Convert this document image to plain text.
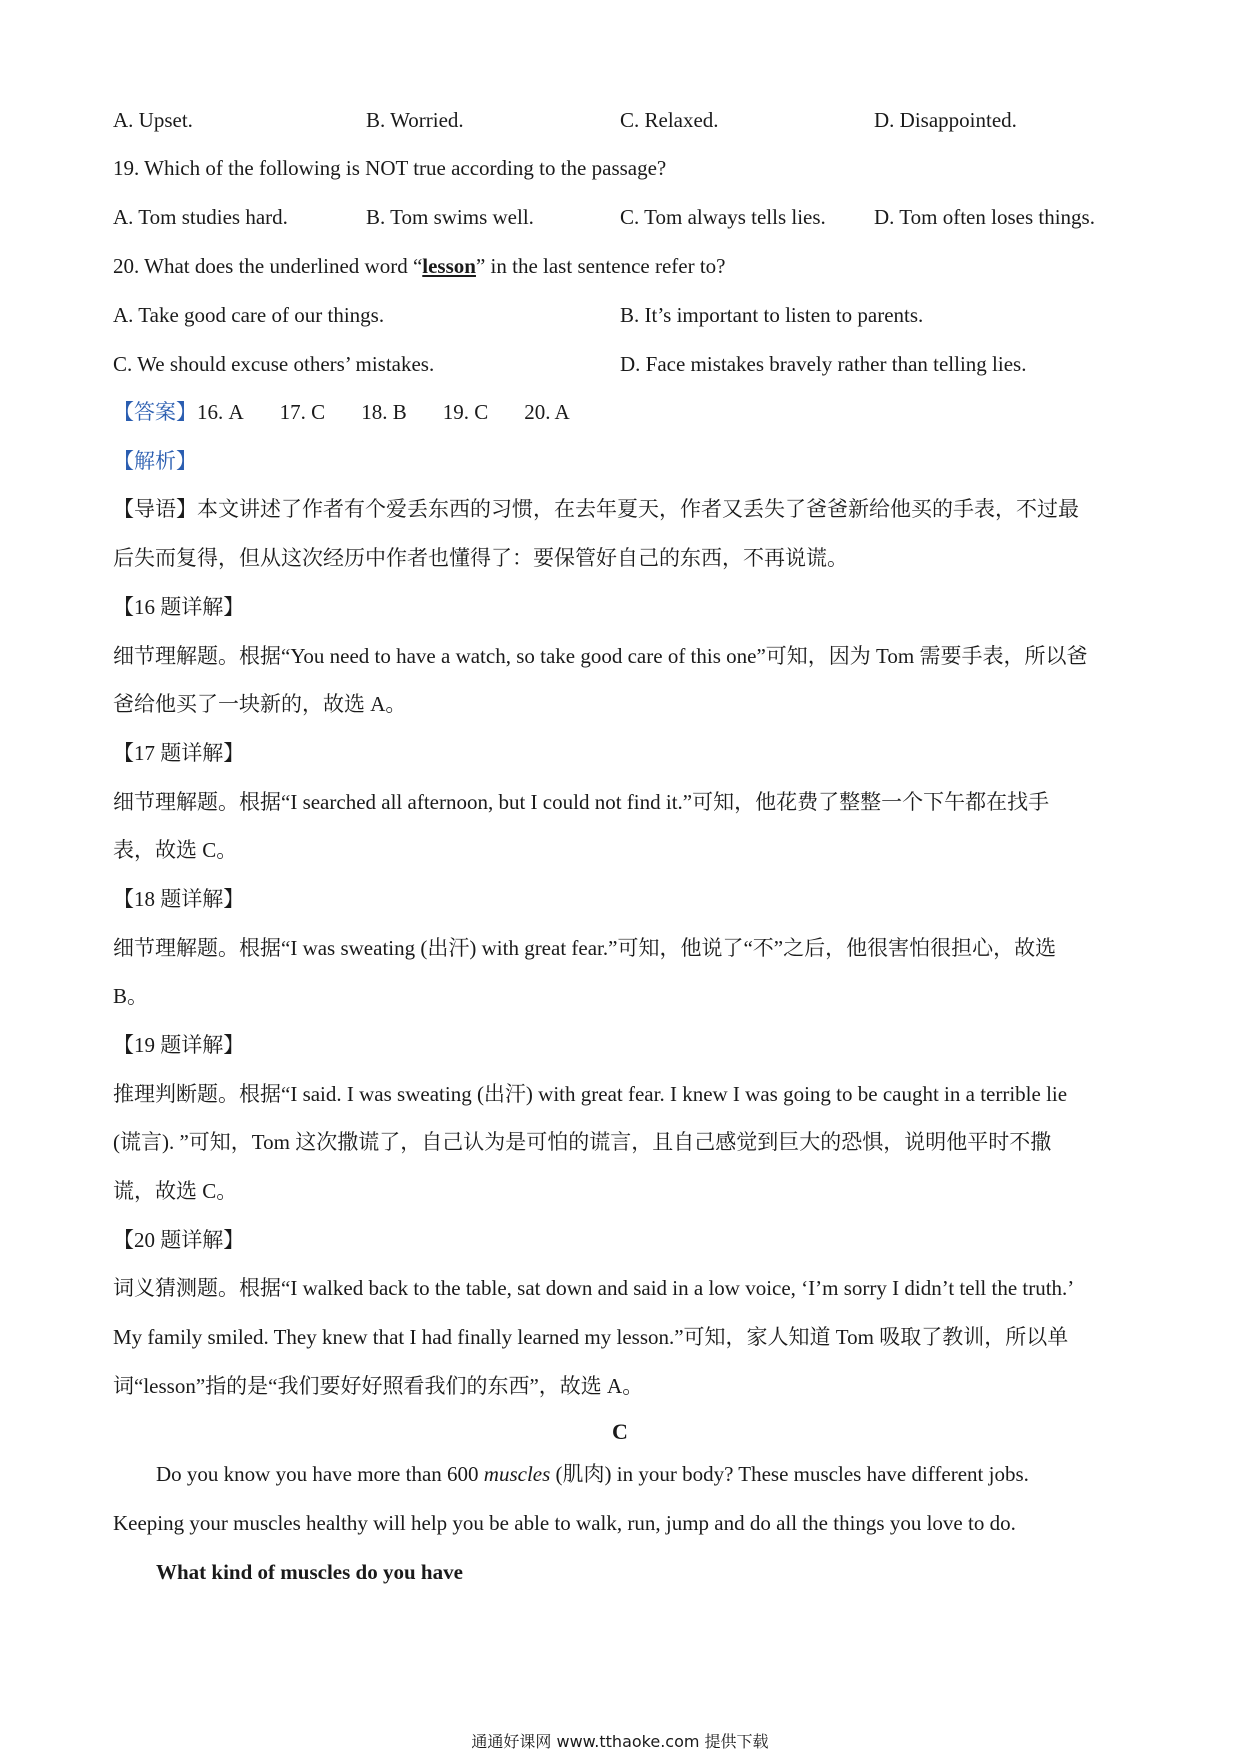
A. Upset.	B. Worried.	C. Relaxed.	D. Disappointed.
19. Which of the following is NOT true according to the passage?
A. Tom studies hard.	B. Tom swims well.	C. Tom always tells lies. D. Tom often loses things.
20. What does the underlined word “lesson” in the last sentence refer to?
A. Take good care of our things.	B. It’s important to listen to parents.
C. We should excuse others’ mistakes.	D. Face mistakes bravely rather than telling lies.
【答案】16. A 17. C 18. B 19. C 20. A
【解析】
【导语】本文讲述了作者有个爱丢东西的习惯，在去年夏天，作者又丢失了爸爸新给他买的手表，不过最
后失而复得，但从这次经历中作者也懂得了：要保管好自己的东西，不再说谎。
【16 题详解】
细节理解题。根据“You need to have a watch, so take good care of this one”可知，因为 Tom 需要手表，所以爸
爸给他买了一块新的，故选 A。
【17 题详解】
细节理解题。根据“I searched all afternoon, but I could not find it.”可知，他花费了整整一个下午都在找手
表，故选 C。
【18 题详解】
细节理解题。根据“I was sweating (出汗) with great fear.”可知，他说了“不”之后，他很害怕很担心，故选
B。
【19 题详解】
推理判断题。根据“I said. I was sweating (出汗) with great fear. I knew I was going to be caught in a terrible lie
(谎言). ”可知，Tom 这次撒谎了，自己认为是可怕的谎言，且自己感觉到巨大的恐惧，说明他平时不撒
谎，故选 C。
【20 题详解】
词义猜测题。根据“I walked back to the table, sat down and said in a low voice, ‘I’m sorry I didn’t tell the truth.’
My family smiled. They knew that I had finally learned my lesson.”可知，家人知道 Tom 吸取了教训，所以单
词“lesson”指的是“我们要好好照看我们的东西”，故选 A。
C
Do you know you have more than 600 muscles (肌肉) in your body? These muscles have different jobs.
Keeping your muscles healthy will help you be able to walk, run, jump and do all the things you love to do.
What kind of muscles do you have
通通好课网 www.tthaoke.com 提供下载
